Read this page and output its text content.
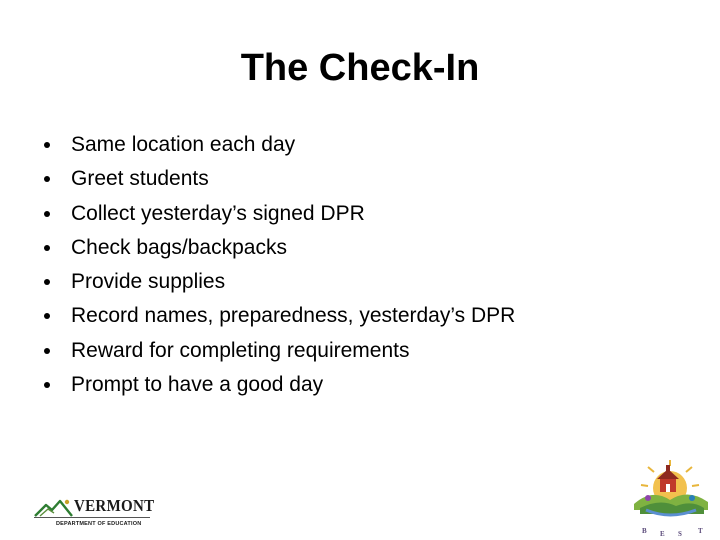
The Check-In
Same location each day
Greet students
Collect yesterday’s signed DPR
Check bags/backpacks
Provide supplies
Record names, preparedness, yesterday’s DPR
Reward for completing requirements
Prompt to have a good day
VERMONT
DEPARTMENT OF EDUCATION
B E S T
